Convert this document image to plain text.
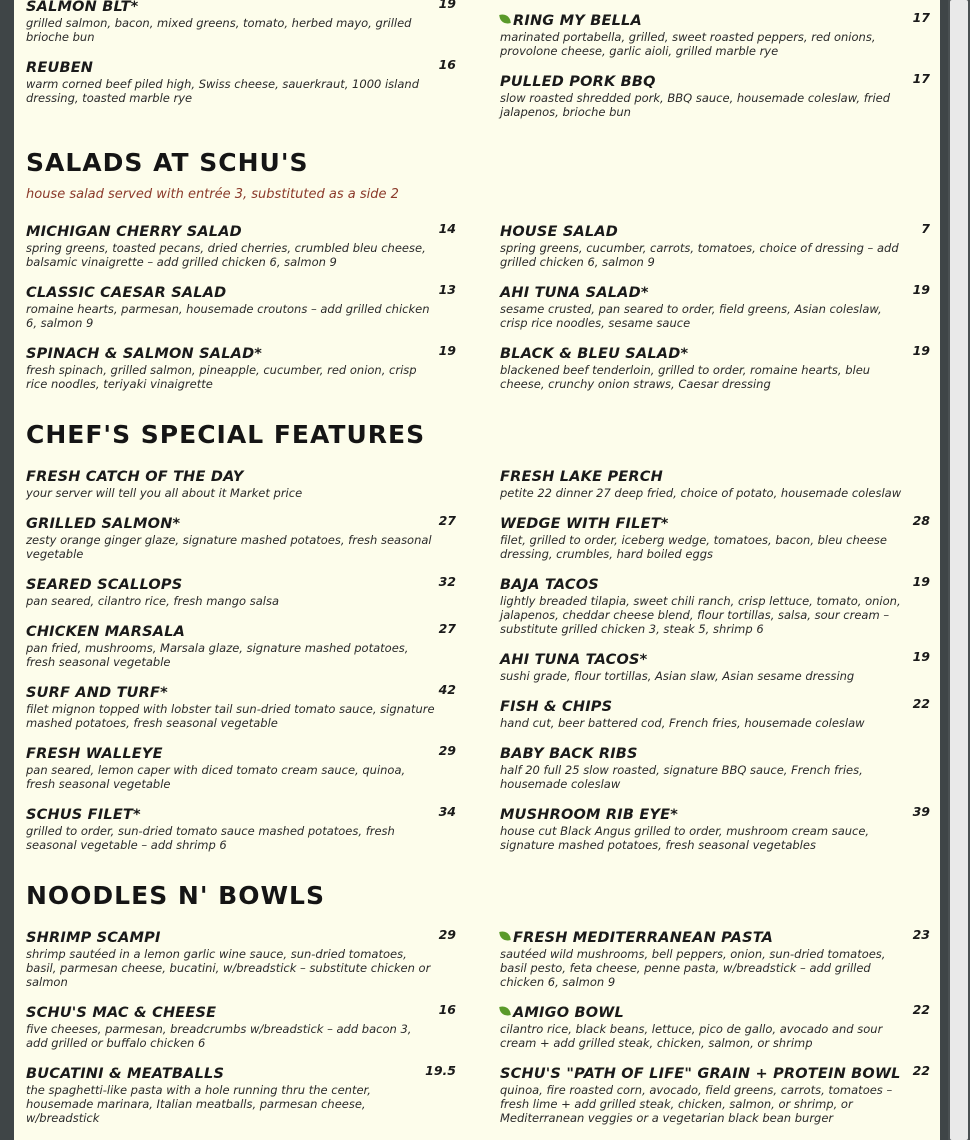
SALMON BLT*	19
grilled salmon, bacon, mixed greens, tomato, herbed mayo, grilled brioche bun
REUBEN	16
warm corned beef piled high, Swiss cheese, sauerkraut, 1000 island dressing, toasted marble rye
RING MY BELLA	17
marinated portabella, grilled, sweet roasted peppers, red onions, provolone cheese, garlic aioli, grilled marble rye
PULLED PORK BBQ	17
slow roasted shredded pork, BBQ sauce, housemade coleslaw, fried jalapenos, brioche bun
SALADS AT SCHU'S
house salad served with entrée 3, substituted as a side 2
MICHIGAN CHERRY SALAD	14
spring greens, toasted pecans, dried cherries, crumbled bleu cheese, balsamic vinaigrette – add grilled chicken 6, salmon 9
CLASSIC CAESAR SALAD	13
romaine hearts, parmesan, housemade croutons – add grilled chicken 6, salmon 9
SPINACH & SALMON SALAD*	19
fresh spinach, grilled salmon, pineapple, cucumber, red onion, crisp rice noodles, teriyaki vinaigrette
HOUSE SALAD	7
spring greens, cucumber, carrots, tomatoes, choice of dressing – add grilled chicken 6, salmon 9
AHI TUNA SALAD*	19
sesame crusted, pan seared to order, field greens, Asian coleslaw, crisp rice noodles, sesame sauce
BLACK & BLEU SALAD*	19
blackened beef tenderloin, grilled to order, romaine hearts, bleu cheese, crunchy onion straws, Caesar dressing
CHEF'S SPECIAL FEATURES
FRESH CATCH OF THE DAY
your server will tell you all about it Market price
GRILLED SALMON*	27
zesty orange ginger glaze, signature mashed potatoes, fresh seasonal vegetable
SEARED SCALLOPS	32
pan seared, cilantro rice, fresh mango salsa
CHICKEN MARSALA	27
pan fried, mushrooms, Marsala glaze, signature mashed potatoes, fresh seasonal vegetable
SURF AND TURF*	42
filet mignon topped with lobster tail sun-dried tomato sauce, signature mashed potatoes, fresh seasonal vegetable
FRESH WALLEYE	29
pan seared, lemon caper with diced tomato cream sauce, quinoa, fresh seasonal vegetable
SCHUS FILET*	34
grilled to order, sun-dried tomato sauce mashed potatoes, fresh seasonal vegetable – add shrimp 6
FRESH LAKE PERCH
petite 22 dinner 27 deep fried, choice of potato, housemade coleslaw
WEDGE WITH FILET*	28
filet, grilled to order, iceberg wedge, tomatoes, bacon, bleu cheese dressing, crumbles, hard boiled eggs
BAJA TACOS	19
lightly breaded tilapia, sweet chili ranch, crisp lettuce, tomato, onion, jalapenos, cheddar cheese blend, flour tortillas, salsa, sour cream – substitute grilled chicken 3, steak 5, shrimp 6
AHI TUNA TACOS*	19
sushi grade, flour tortillas, Asian slaw, Asian sesame dressing
FISH & CHIPS	22
hand cut, beer battered cod, French fries, housemade coleslaw
BABY BACK RIBS
half 20 full 25 slow roasted, signature BBQ sauce, French fries, housemade coleslaw
MUSHROOM RIB EYE*	39
house cut Black Angus grilled to order, mushroom cream sauce, signature mashed potatoes, fresh seasonal vegetables
NOODLES N' BOWLS
SHRIMP SCAMPI	29
shrimp sautéed in a lemon garlic wine sauce, sun-dried tomatoes, basil, parmesan cheese, bucatini, w/breadstick – substitute chicken or salmon
SCHU'S MAC & CHEESE	16
five cheeses, parmesan, breadcrumbs w/breadstick – add bacon 3, add grilled or buffalo chicken 6
BUCATINI & MEATBALLS	19.5
the spaghetti-like pasta with a hole running thru the center, housemade marinara, Italian meatballs, parmesan cheese, w/breadstick
FRESH MEDITERRANEAN PASTA	23
sautéed wild mushrooms, bell peppers, onion, sun-dried tomatoes, basil pesto, feta cheese, penne pasta, w/breadstick – add grilled chicken 6, salmon 9
AMIGO BOWL	22
cilantro rice, black beans, lettuce, pico de gallo, avocado and sour cream + add grilled steak, chicken, salmon, or shrimp
SCHU'S "PATH OF LIFE" GRAIN + PROTEIN BOWL 22
quinoa, fire roasted corn, avocado, field greens, carrots, tomatoes – fresh lime + add grilled steak, chicken, salmon, or shrimp, or Mediterranean veggies or a vegetarian black bean burger
